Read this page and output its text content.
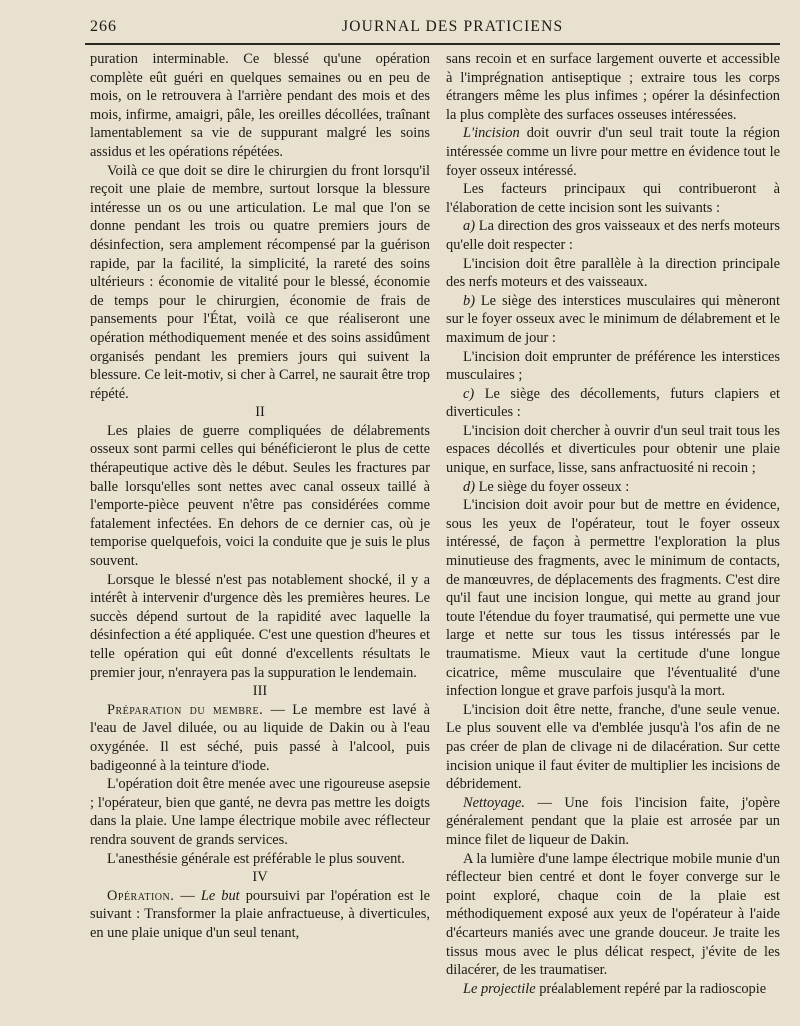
266	JOURNAL DES PRATICIENS

puration interminable. Ce blessé qu'une opération complète eût guéri en quelques semaines ou en peu de mois, on le retrouvera à l'arrière pendant des mois et des mois, infirme, amaigri, pâle, les oreilles décollées, traînant lamentablement sa vie de suppurant malgré les soins assidus et les opérations répétées.

Voilà ce que doit se dire le chirurgien du front lorsqu'il reçoit une plaie de membre, surtout lorsque la blessure intéresse un os ou une articulation. Le mal que l'on se donne pendant les trois ou quatre premiers jours de désinfection, sera amplement récompensé par la guérison rapide, par la facilité, la simplicité, la rareté des soins ultérieurs : économie de vitalité pour le blessé, économie de temps pour le chirurgien, économie de frais de pansements pour l'État, voilà ce que réaliseront une opération méthodiquement menée et des soins assidûment organisés pendant les premiers jours qui suivent la blessure. Ce leit-motiv, si cher à Carrel, ne saurait être trop répété.

II

Les plaies de guerre compliquées de délabrements osseux sont parmi celles qui bénéficieront le plus de cette thérapeutique active dès le début. Seules les fractures par balle lorsqu'elles sont nettes avec canal osseux taillé à l'emporte-pièce peuvent n'être pas considérées comme fatalement infectées. En dehors de ce dernier cas, où je temporise quelquefois, voici la conduite que je suis le plus souvent.

Lorsque le blessé n'est pas notablement shocké, il y a intérêt à intervenir d'urgence dès les premières heures. Le succès dépend surtout de la rapidité avec laquelle la désinfection a été appliquée. C'est une question d'heures et telle opération qui eût donné d'excellents résultats le premier jour, n'enrayera pas la suppuration le lendemain.

III

Préparation du membre. — Le membre est lavé à l'eau de Javel diluée, ou au liquide de Dakin ou à l'eau oxygénée. Il est séché, puis passé à l'alcool, puis badigeonné à la teinture d'iode.

L'opération doit être menée avec une rigoureuse asepsie ; l'opérateur, bien que ganté, ne devra pas mettre les doigts dans la plaie. Une lampe électrique mobile avec réflecteur rendra souvent de grands services.

L'anesthésie générale est préférable le plus souvent.

IV

Opération. — Le but poursuivi par l'opération est le suivant : Transformer la plaie anfractueuse, à diverticules, en une plaie unique d'un seul tenant,

sans recoin et en surface largement ouverte et accessible à l'imprégnation antiseptique ; extraire tous les corps étrangers même les plus infimes ; opérer la désinfection la plus complète des surfaces osseuses intéressées.

L'incision doit ouvrir d'un seul trait toute la région intéressée comme un livre pour mettre en évidence tout le foyer osseux intéressé.

Les facteurs principaux qui contribueront à l'élaboration de cette incision sont les suivants :

a) La direction des gros vaisseaux et des nerfs moteurs qu'elle doit respecter :

L'incision doit être parallèle à la direction principale des nerfs moteurs et des vaisseaux.

b) Le siège des interstices musculaires qui mèneront sur le foyer osseux avec le minimum de délabrement et le maximum de jour :

L'incision doit emprunter de préférence les interstices musculaires ;

c) Le siège des décollements, futurs clapiers et diverticules :

L'incision doit chercher à ouvrir d'un seul trait tous les espaces décollés et diverticules pour obtenir une plaie unique, en surface, lisse, sans anfractuosité ni recoin ;

d) Le siège du foyer osseux :

L'incision doit avoir pour but de mettre en évidence, sous les yeux de l'opérateur, tout le foyer osseux intéressé, de façon à permettre l'exploration la plus minutieuse des fragments, avec le minimum de contacts, de manœuvres, de déplacements des fragments. C'est dire qu'il faut une incision longue, qui mette au grand jour toute l'étendue du foyer traumatisé, qui permette une vue large et nette sur tous les tissus intéressés par le traumatisme. Mieux vaut la certitude d'une longue cicatrice, même musculaire que l'éventualité d'une infection longue et grave parfois jusqu'à la mort.

L'incision doit être nette, franche, d'une seule venue. Le plus souvent elle va d'emblée jusqu'à l'os afin de ne pas créer de plan de clivage ni de dilacération. Sur cette incision unique il faut éviter de multiplier les incisions de débridement.

Nettoyage. — Une fois l'incision faite, j'opère généralement pendant que la plaie est arrosée par un mince filet de liqueur de Dakin.

A la lumière d'une lampe électrique mobile munie d'un réflecteur bien centré et dont le foyer converge sur le point exploré, chaque coin de la plaie est méthodiquement exposé aux yeux de l'opérateur à l'aide d'écarteurs maniés avec une grande douceur. Je traite les tissus mous avec le plus délicat respect, j'évite de les dilacérer, de les traumatiser.

Le projectile préalablement repéré par la radioscopie
